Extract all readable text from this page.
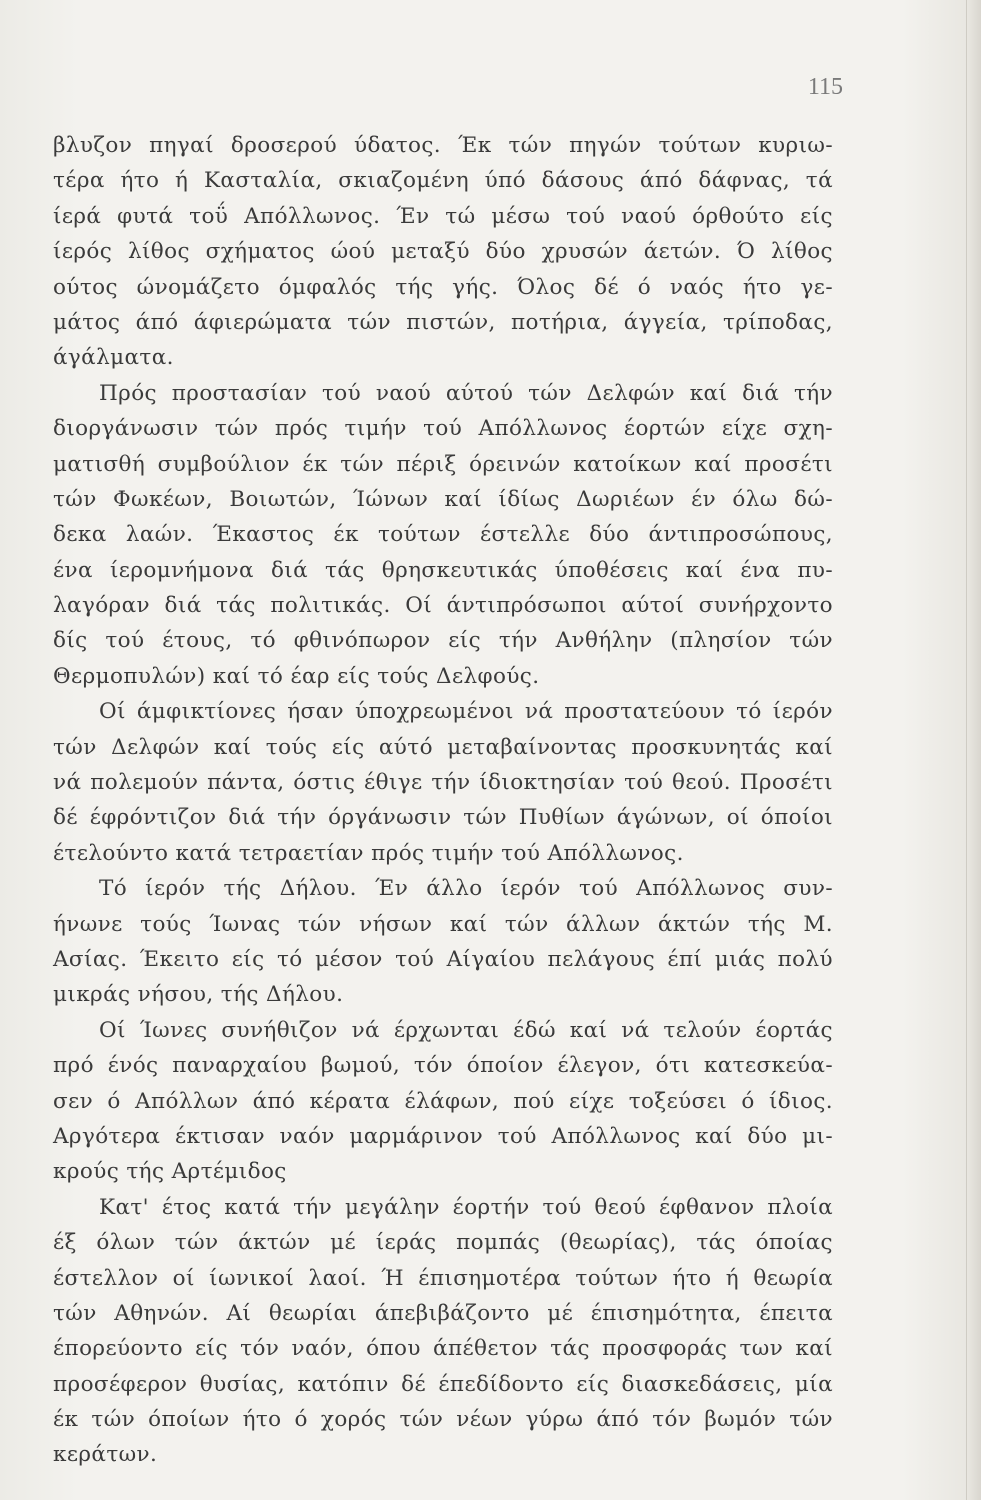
115
βλυζον πηγαί δροσερού ύδατος. Έκ τών πηγών τούτων κυριω-
τέρα ήτο ή Κασταλία, σκιαζομένη ύπό δάσους άπό δάφνας, τά
ίερά φυτά τοΰ Απόλλωνος. Έν τώ μέσω τού ναού όρθούτο είς
ίερός λίθος σχήματος ώού μεταξύ δύο χρυσών άετών. Ό λίθος
ούτος ώνομάζετο όμφαλός τής γής. Όλος δέ ό ναός ήτο γε-
μάτος άπό άφιερώματα τών πιστών, ποτήρια, άγγεία, τρίποδας,
άγάλματα.
Πρός προστασίαν τού ναού αύτού τών Δελφών καί διά τήν
διοργάνωσιν τών πρός τιμήν τού Απόλλωνος έορτών είχε σχη-
ματισθή συμβούλιον έκ τών πέριξ όρεινών κατοίκων καί προσέτι
τών Φωκέων, Βοιωτών, Ίώνων καί ίδίως Δωριέων έν όλω δώ-
δεκα λαών. Έκαστος έκ τούτων έστελλε δύο άντιπροσώπους,
ένα ίερομνήμονα διά τάς θρησκευτικάς ύποθέσεις καί ένα πυ-
λαγόραν διά τάς πολιτικάς. Οί άντιπρόσωποι αύτοί συνήρχοντο
δίς τού έτους, τό φθινόπωρον είς τήν Ανθήλην (πλησίον τών
Θερμοπυλών) καί τό έαρ είς τούς Δελφούς.
Οί άμφικτίονες ήσαν ύποχρεωμένοι νά προστατεύουν τό ίερόν
τών Δελφών καί τούς είς αύτό μεταβαίνοντας προσκυνητάς καί
νά πολεμούν πάντα, όστις έθιγε τήν ίδιοκτησίαν τού θεού. Προσέτι
δέ έφρόντιζον διά τήν όργάνωσιν τών Πυθίων άγώνων, οί όποίοι
έτελούντο κατά τετραετίαν πρός τιμήν τού Απόλλωνος.
Τό ίερόν τής Δήλου. Έν άλλο ίερόν τού Απόλλωνος συν-
ήνωνε τούς Ίωνας τών νήσων καί τών άλλων άκτών τής Μ.
Ασίας. Έκειτο είς τό μέσον τού Αίγαίου πελάγους έπί μιάς πολύ
μικράς νήσου, τής Δήλου.
Οί Ίωνες συνήθιζον νά έρχωνται έδώ καί νά τελούν έορτάς
πρό ένός παναρχαίου βωμού, τόν όποίον έλεγον, ότι κατεσκεύα-
σεν ό Απόλλων άπό κέρατα έλάφων, πού είχε τοξεύσει ό ίδιος.
Αργότερα έκτισαν ναόν μαρμάρινον τού Απόλλωνος καί δύο μι-
κρούς τής Αρτέμιδος
Κατ' έτος κατά τήν μεγάλην έορτήν τού θεού έφθανον πλοία
έξ όλων τών άκτών μέ ίεράς πομπάς (θεωρίας), τάς όποίας
έστελλον οί ίωνικοί λαοί. Ή έπισημοτέρα τούτων ήτο ή θεωρία
τών Αθηνών. Αί θεωρίαι άπεβιβάζοντο μέ έπισημότητα, έπειτα
έπορεύοντο είς τόν ναόν, όπου άπέθετον τάς προσφοράς των καί
προσέφερον θυσίας, κατόπιν δέ έπεδίδοντο είς διασκεδάσεις, μία
έκ τών όποίων ήτο ό χορός τών νέων γύρω άπό τόν βωμόν τών
κεράτων.
